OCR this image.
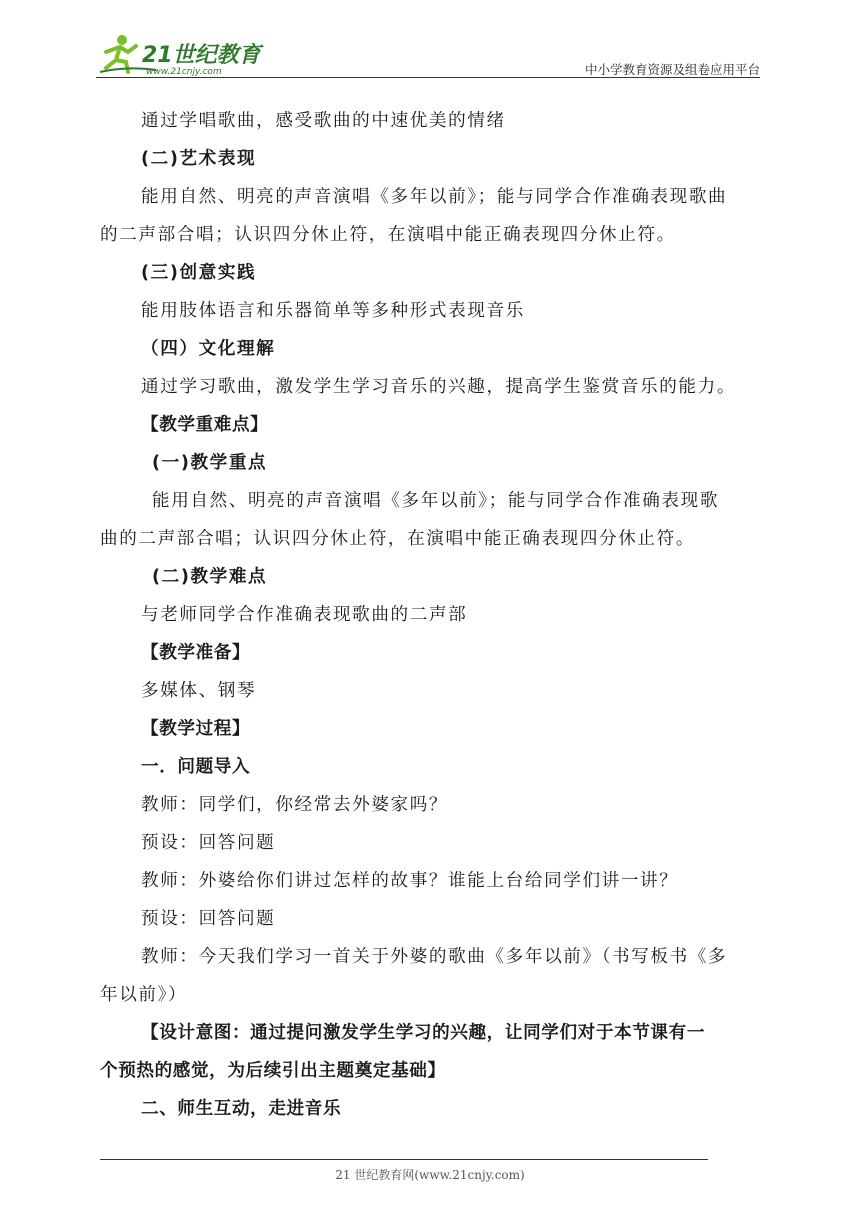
21世纪教育
www.21cnjy.com	中小学教育资源及组卷应用平台

通过学唱歌曲，感受歌曲的中速优美的情绪

(二)艺术表现

能用自然、明亮的声音演唱《多年以前》；能与同学合作准确表现歌曲

的二声部合唱；认识四分休止符，在演唱中能正确表现四分休止符。

(三)创意实践

能用肢体语言和乐器简单等多种形式表现音乐

（四）文化理解

通过学习歌曲，激发学生学习音乐的兴趣，提高学生鉴赏音乐的能力。

【教学重难点】

(一)教学重点

能用自然、明亮的声音演唱《多年以前》；能与同学合作准确表现歌

曲的二声部合唱；认识四分休止符，在演唱中能正确表现四分休止符。

(二)教学难点

与老师同学合作准确表现歌曲的二声部

【教学准备】

多媒体、钢琴

【教学过程】

一．问题导入

教师：同学们，你经常去外婆家吗？

预设：回答问题

教师：外婆给你们讲过怎样的故事？谁能上台给同学们讲一讲？

预设：回答问题

教师：今天我们学习一首关于外婆的歌曲《多年以前》（书写板书《多

年以前》）

【设计意图：通过提问激发学生学习的兴趣，让同学们对于本节课有一

个预热的感觉，为后续引出主题奠定基础】

二、师生互动，走进音乐

21 世纪教育网(www.21cnjy.com)
